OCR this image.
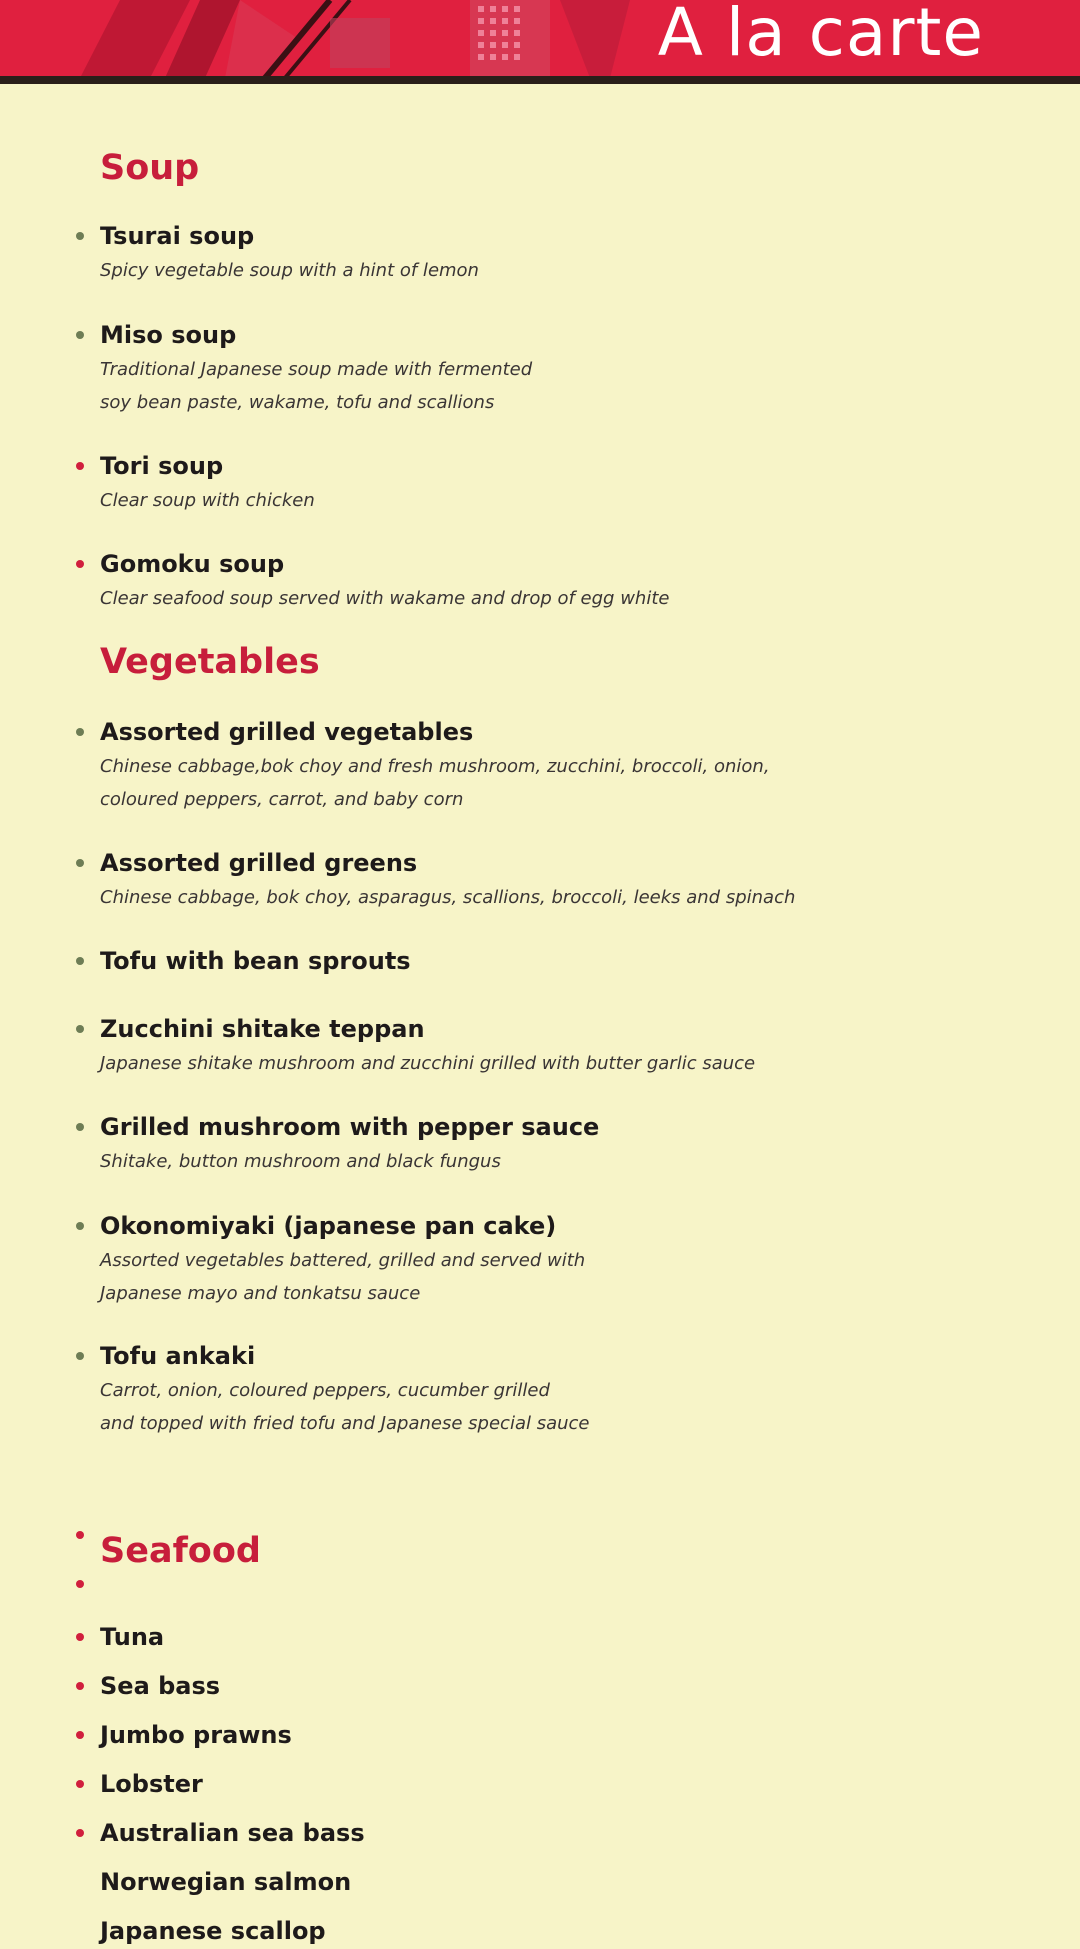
A la carte
Soup
Tsurai soup
Spicy vegetable soup with a hint of lemon
Miso soup
Traditional Japanese soup made with fermented
soy bean paste, wakame, tofu and scallions
Tori soup
Clear soup with chicken
Gomoku soup
Clear seafood soup served with wakame and drop of egg white
Vegetables
Assorted grilled vegetables
Chinese cabbage,bok choy and fresh mushroom, zucchini, broccoli, onion,
coloured peppers, carrot, and baby corn
Assorted grilled greens
Chinese cabbage, bok choy, asparagus, scallions, broccoli, leeks and spinach
Tofu with bean sprouts
Zucchini shitake teppan
Japanese shitake mushroom and zucchini grilled with butter garlic sauce
Grilled mushroom with pepper sauce
Shitake, button mushroom and black fungus
Okonomiyaki (japanese pan cake)
Assorted vegetables battered, grilled and served with
Japanese mayo and tonkatsu sauce
Tofu ankaki
Carrot, onion, coloured peppers, cucumber grilled
and topped with fried tofu and Japanese special sauce
Seafood
Tuna
Sea bass
Jumbo prawns
Lobster
Australian sea bass
Norwegian salmon
Japanese scallop
